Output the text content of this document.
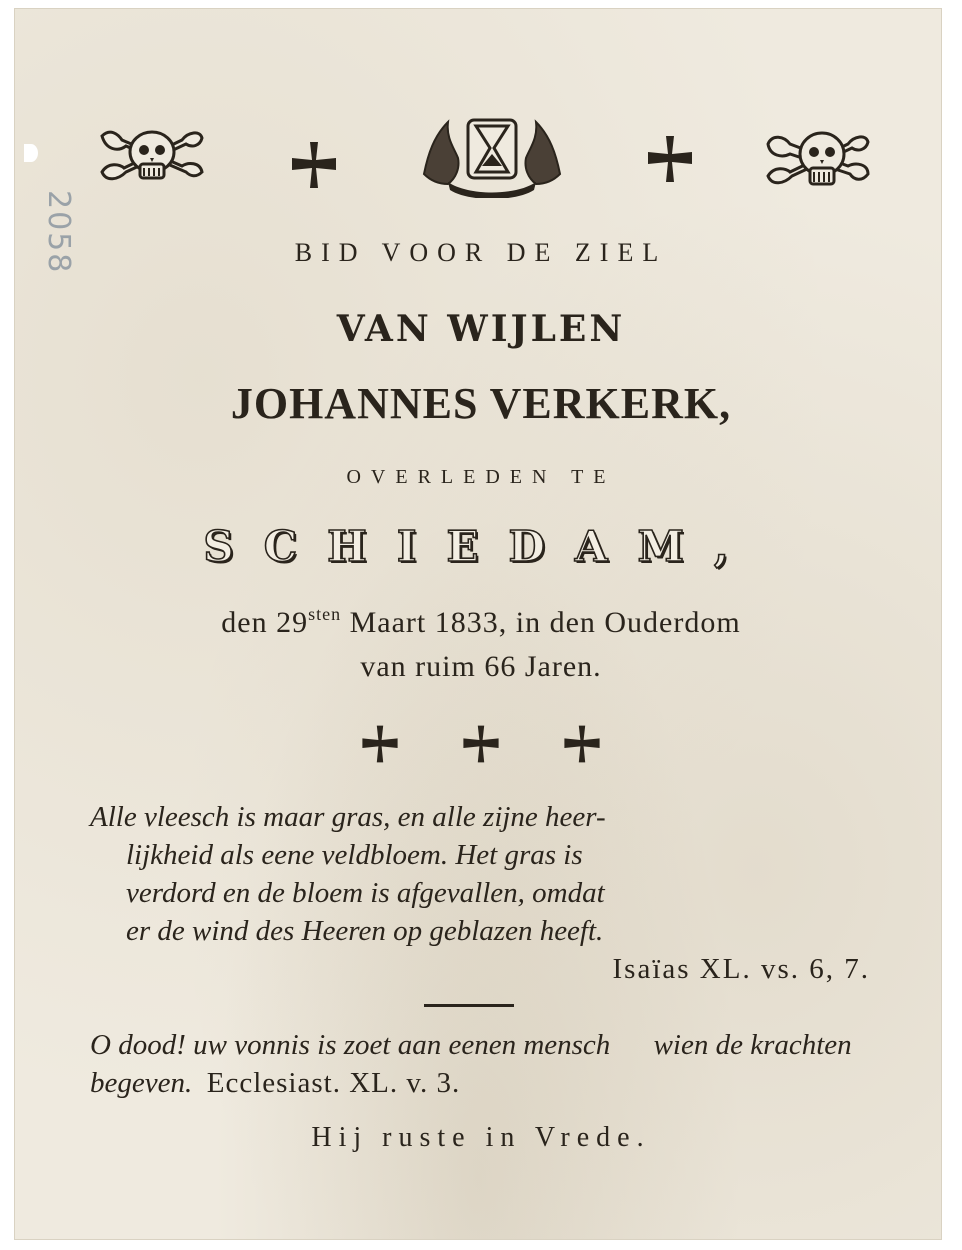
2058	BID VOOR DE ZIEL
VAN WIJLEN
JOHANNES VERKERK,
OVERLEDEN TE
SCHIEDAM,
den $29^{sten}$ Maart 1833, in den Ouderdom
van ruim 66 Jaren.

Alle vleesch is maar gras, en alle zijne heer-
lijkheid als eene veldbloem. Het gras is
verdord en de bloem is afgevallen, omdat
er de wind des Heeren op geblazen heeft.
Isaïas XL. vs. 6, 7.
O dood! uw vonnis is zoet aan eenen mensch wien de krachten begeven. Ecclesiast. XL. v. 3.
Hij ruste in Vrede.
